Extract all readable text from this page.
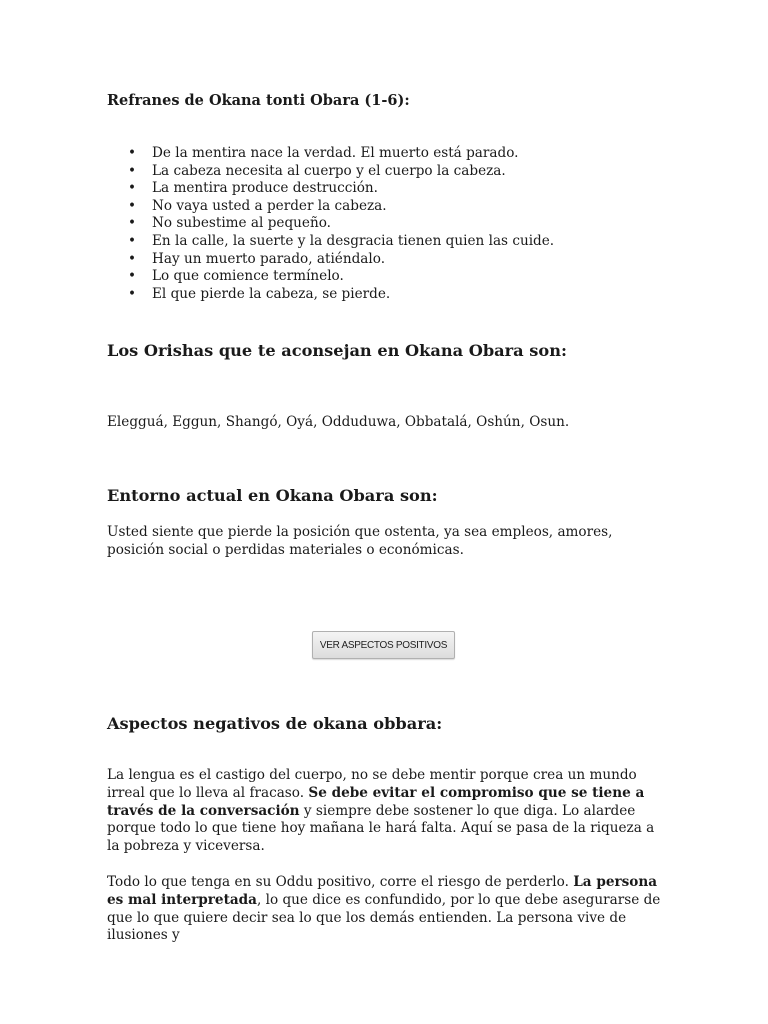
Refranes de Okana tonti Obara (1-6):
• De la mentira nace la verdad. El muerto está parado.
• La cabeza necesita al cuerpo y el cuerpo la cabeza.
• La mentira produce destrucción.
• No vaya usted a perder la cabeza.
• No subestime al pequeño.
• En la calle, la suerte y la desgracia tienen quien las cuide.
• Hay un muerto parado, atiéndalo.
• Lo que comience termínelo.
• El que pierde la cabeza, se pierde.
Los Orishas que te aconsejan en Okana Obara son:

Elegguá, Eggun, Shangó, Oyá, Odduduwa, Obbatalá, Oshún, Osun.

Entorno actual en Okana Obara son:

Usted siente que pierde la posición que ostenta, ya sea empleos, amores, posición social o perdidas materiales o económicas.

Aspectos negativos de okana obbara:

La lengua es el castigo del cuerpo, no se debe mentir porque crea un mundo irreal que lo lleva al fracaso. Se debe evitar el compromiso que se tiene a través de la conversación y siempre debe sostener lo que diga. Lo alardee porque todo lo que tiene hoy mañana le hará falta. Aquí se pasa de la riqueza a la pobreza y viceversa.

Todo lo que tenga en su Oddu positivo, corre el riesgo de perderlo. La persona es mal interpretada, lo que dice es confundido, por lo que debe asegurarse de que lo que quiere decir sea lo que los demás entienden. La persona vive de ilusiones y

VER ASPECTOS POSITIVOS
